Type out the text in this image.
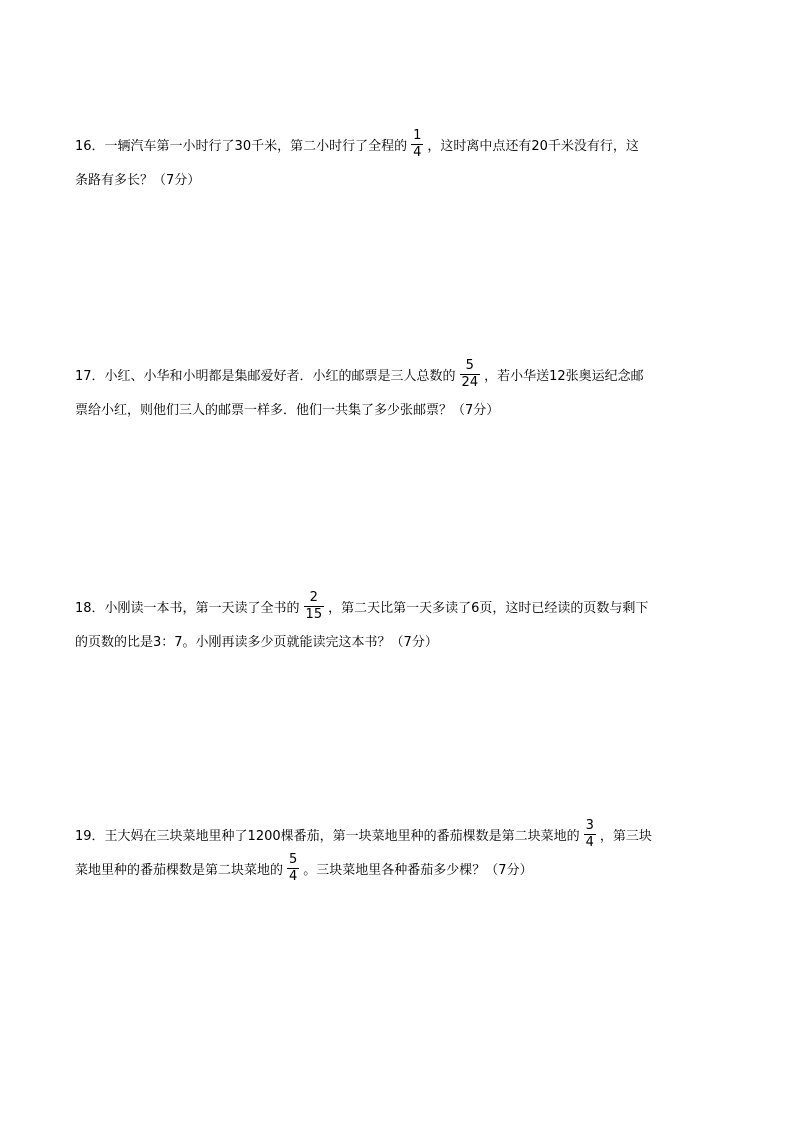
16．一辆汽车第一小时行了30千米，第二小时行了全程的 $\frac{1}{4}$ ，这时离中点还有20千米没有行，这
条路有多长？（7分）
17．小红、小华和小明都是集邮爱好者．小红的邮票是三人总数的 $\frac{5}{24}$ ，若小华送12张奥运纪念邮
票给小红，则他们三人的邮票一样多．他们一共集了多少张邮票？（7分）
18．小刚读一本书，第一天读了全书的 $\frac{2}{15}$ ，第二天比第一天多读了6页，这时已经读的页数与剩下
的页数的比是3：7。小刚再读多少页就能读完这本书？（7分）
19．王大妈在三块菜地里种了1200棵番茄，第一块菜地里种的番茄棵数是第二块菜地的 $\frac{3}{4}$ ，第三块
菜地里种的番茄棵数是第二块菜地的 $\frac{5}{4}$ 。三块菜地里各种番茄多少棵？（7分）
